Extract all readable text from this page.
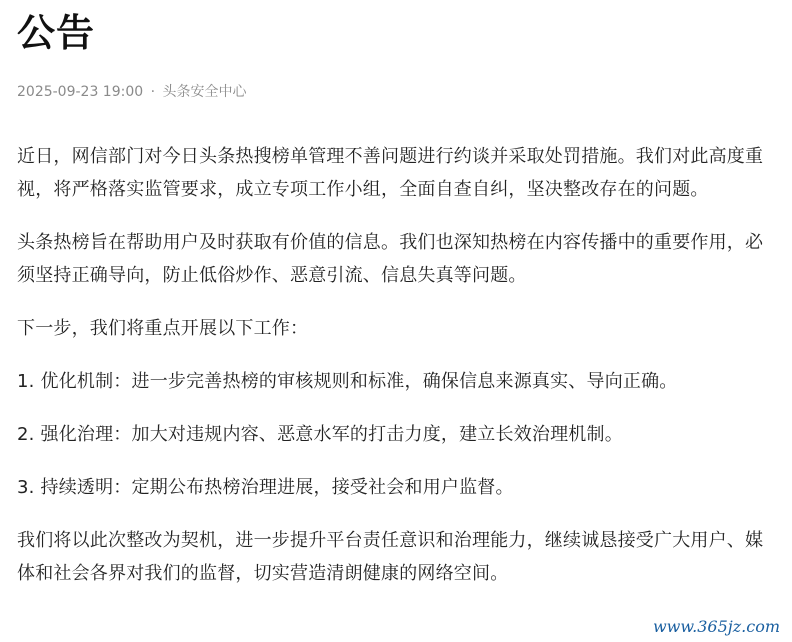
公告
2025-09-23 19:00 · 头条安全中心

近日，网信部门对今日头条热搜榜单管理不善问题进行约谈并采取处罚措施。我们对此高度重视，将严格落实监管要求，成立专项工作小组，全面自查自纠，坚决整改存在的问题。

头条热榜旨在帮助用户及时获取有价值的信息。我们也深知热榜在内容传播中的重要作用，必须坚持正确导向，防止低俗炒作、恶意引流、信息失真等问题。

下一步，我们将重点开展以下工作：

1. 优化机制：进一步完善热榜的审核规则和标准，确保信息来源真实、导向正确。

2. 强化治理：加大对违规内容、恶意水军的打击力度，建立长效治理机制。

3. 持续透明：定期公布热榜治理进展，接受社会和用户监督。

我们将以此次整改为契机，进一步提升平台责任意识和治理能力，继续诚恳接受广大用户、媒体和社会各界对我们的监督，切实营造清朗健康的网络空间。

www.365jz.com
